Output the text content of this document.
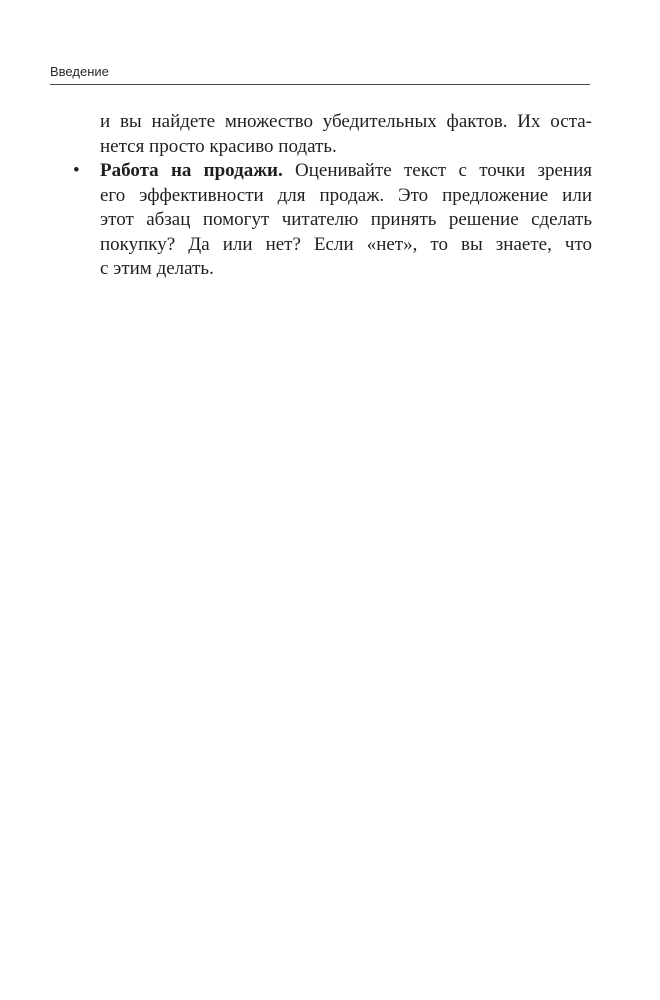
Введение
и вы найдете множество убедительных фактов. Их оста-
нется просто красиво подать.
• Работа на продажи. Оценивайте текст с точки зрения
его эффективности для продаж. Это предложение или
этот абзац помогут читателю принять решение сделать
покупку? Да или нет? Если «нет», то вы знаете, что
с этим делать.
